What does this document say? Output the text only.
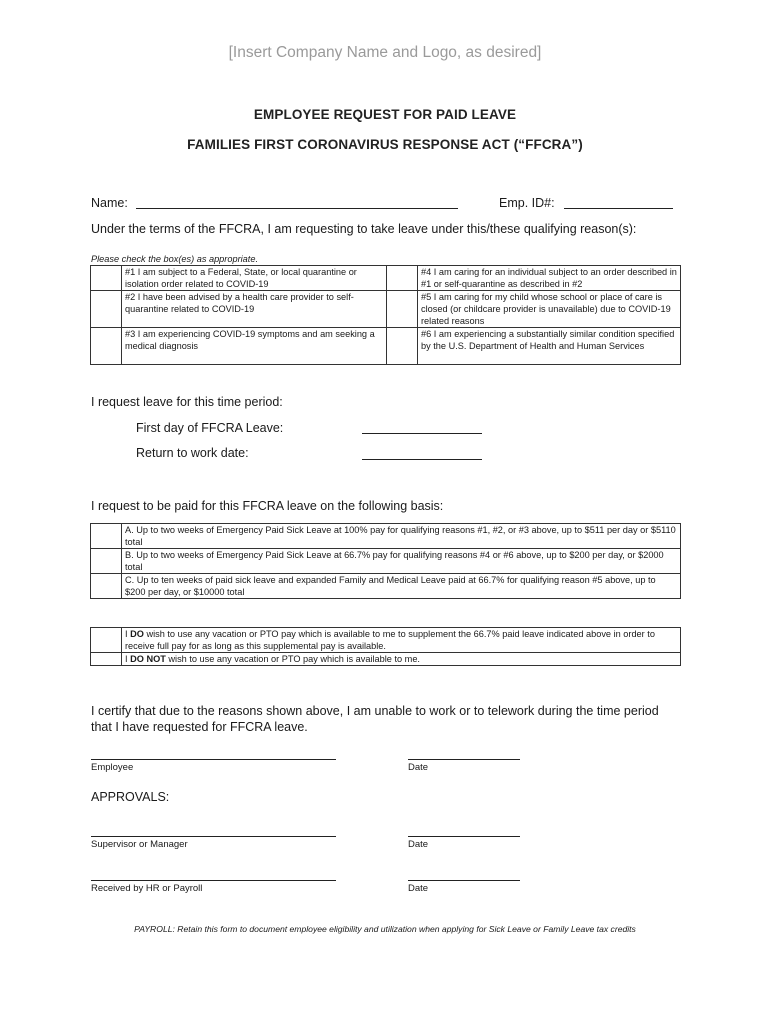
[Insert Company Name and Logo, as desired]
EMPLOYEE REQUEST FOR PAID LEAVE
FAMILIES FIRST CORONAVIRUS RESPONSE ACT (“FFCRA”)
Name:	Emp. ID#:
Under the terms of the FFCRA, I am requesting to take leave under this/these qualifying reason(s):
Please check the box(es) as appropriate.
	#1 I am subject to a Federal, State, or local quarantine or isolation order related to COVID-19		#4 I am caring for an individual subject to an order described in #1 or self-quarantine as described in #2
	#2 I have been advised by a health care provider to self-quarantine related to COVID-19		#5 I am caring for my child whose school or place of care is closed (or childcare provider is unavailable) due to COVID-19 related reasons
	#3 I am experiencing COVID-19 symptoms and am seeking a medical diagnosis		#6 I am experiencing a substantially similar condition specified by the U.S. Department of Health and Human Services
I request leave for this time period:
First day of FFCRA Leave:
Return to work date:
I request to be paid for this FFCRA leave on the following basis:
	A. Up to two weeks of Emergency Paid Sick Leave at 100% pay for qualifying reasons #1, #2, or #3 above, up to $511 per day or $5110 total
	B. Up to two weeks of Emergency Paid Sick Leave at 66.7% pay for qualifying reasons #4 or #6 above, up to $200 per day, or $2000 total
	C. Up to ten weeks of paid sick leave and expanded Family and Medical Leave paid at 66.7% for qualifying reason #5 above, up to $200 per day, or $10000 total
	I DO wish to use any vacation or PTO pay which is available to me to supplement the 66.7% paid leave indicated above in order to receive full pay for as long as this supplemental pay is available.
	I DO NOT wish to use any vacation or PTO pay which is available to me.
I certify that due to the reasons shown above, I am unable to work or to telework during the time period that I have requested for FFCRA leave.
Employee	Date
APPROVALS:
Supervisor or Manager	Date
Received by HR or Payroll	Date
PAYROLL: Retain this form to document employee eligibility and utilization when applying for Sick Leave or Family Leave tax credits
